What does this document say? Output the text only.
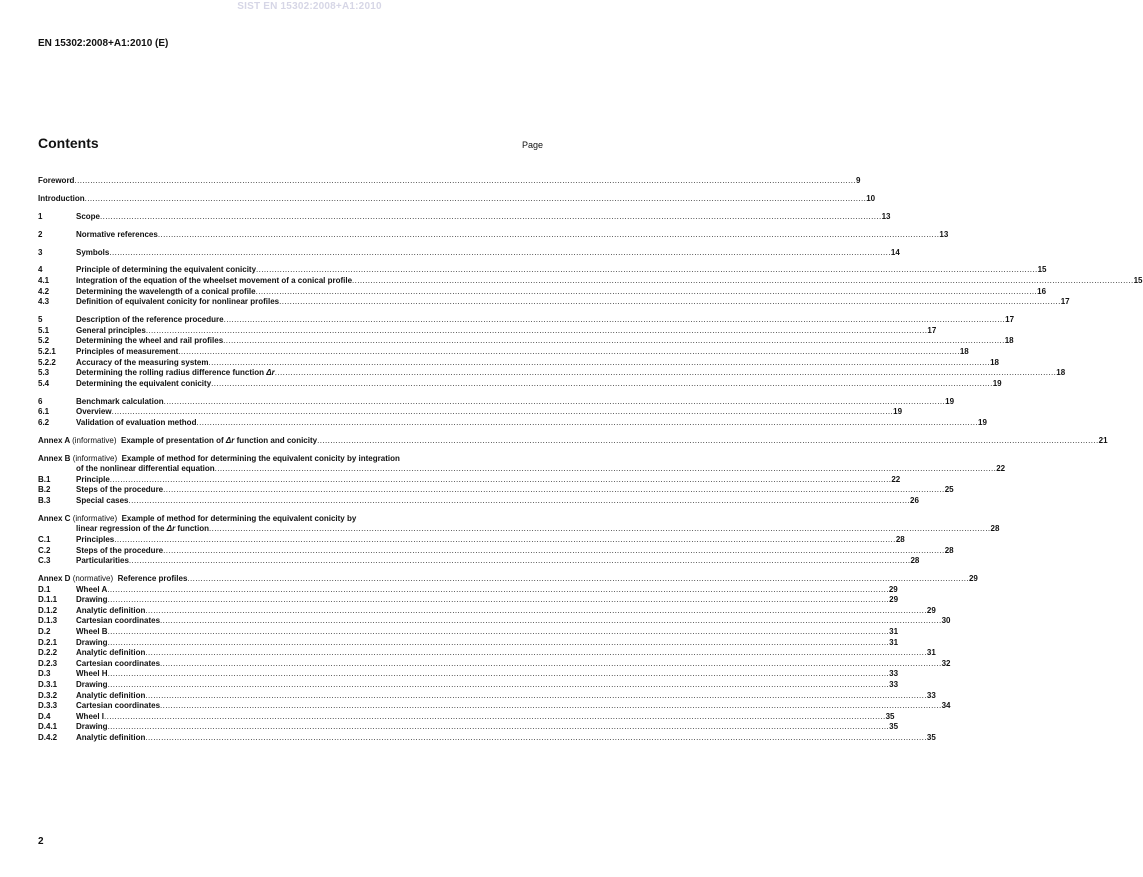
SIST EN 15302:2008+A1:2010
EN 15302:2008+A1:2010 (E)
Contents	Page
Foreword .....	9
Introduction .....	10
1	Scope .....	13
2	Normative references .....	13
3	Symbols .....	14
4	Principle of determining the equivalent conicity .....	15
4.1	Integration of the equation of the wheelset movement of a conical profile .....	15
4.2	Determining the wavelength of a conical profile .....	16
4.3	Definition of equivalent conicity for nonlinear profiles .....	17
5	Description of the reference procedure .....	17
5.1	General principles .....	17
5.2	Determining the wheel and rail profiles .....	18
5.2.1	Principles of measurement .....	18
5.2.2	Accuracy of the measuring system .....	18
5.3	Determining the rolling radius difference function Δr .....	18
5.4	Determining the equivalent conicity .....	19
6	Benchmark calculation .....	19
6.1	Overview .....	19
6.2	Validation of evaluation method .....	19
Annex A (informative) Example of presentation of Δr function and conicity .....	21
Annex B (informative) Example of method for determining the equivalent conicity by integration
of the nonlinear differential equation .....	22
B.1	Principle .....	22
B.2	Steps of the procedure .....	25
B.3	Special cases .....	26
Annex C (informative) Example of method for determining the equivalent conicity by
linear regression of the Δr function .....	28
C.1	Principles .....	28
C.2	Steps of the procedure .....	28
C.3	Particularities .....	28
Annex D (normative) Reference profiles .....	29
D.1	Wheel A .....	29
D.1.1	Drawing .....	29
D.1.2	Analytic definition .....	29
D.1.3	Cartesian coordinates .....	30
D.2	Wheel B .....	31
D.2.1	Drawing .....	31
D.2.2	Analytic definition .....	31
D.2.3	Cartesian coordinates .....	32
D.3	Wheel H .....	33
D.3.1	Drawing .....	33
D.3.2	Analytic definition .....	33
D.3.3	Cartesian coordinates .....	34
D.4	Wheel I .....	35
D.4.1	Drawing .....	35
D.4.2	Analytic definition .....	35
2
